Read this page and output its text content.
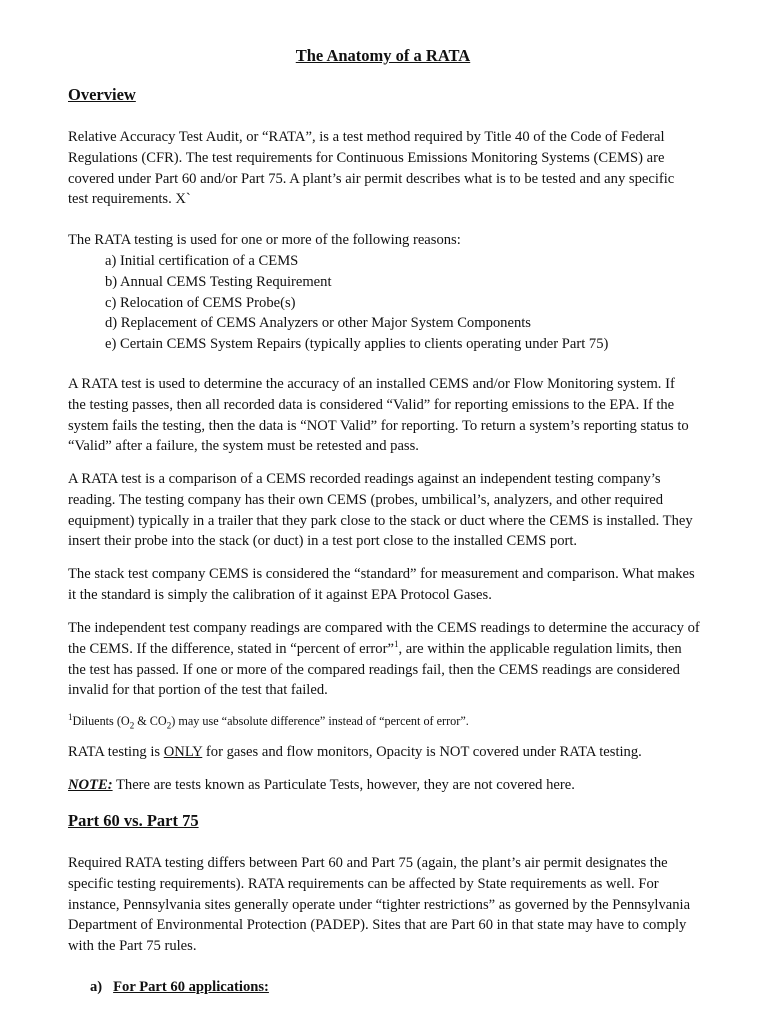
The Anatomy of a RATA
Overview
Relative Accuracy Test Audit, or “RATA”, is a test method required by Title 40 of the Code of Federal
Regulations (CFR). The test requirements for Continuous Emissions Monitoring Systems (CEMS) are
covered under Part 60 and/or Part 75. A plant’s air permit describes what is to be tested and any specific
test requirements. X`
The RATA testing is used for one or more of the following reasons:
a) Initial certification of a CEMS
b) Annual CEMS Testing Requirement
c) Relocation of CEMS Probe(s)
d) Replacement of CEMS Analyzers or other Major System Components
e) Certain CEMS System Repairs (typically applies to clients operating under Part 75)
A RATA test is used to determine the accuracy of an installed CEMS and/or Flow Monitoring system. If
the testing passes, then all recorded data is considered “Valid” for reporting emissions to the EPA. If the
system fails the testing, then the data is “NOT Valid” for reporting. To return a system’s reporting status to
“Valid” after a failure, the system must be retested and pass.
A RATA test is a comparison of a CEMS recorded readings against an independent testing company’s
reading. The testing company has their own CEMS (probes, umbilical’s, analyzers, and other required
equipment) typically in a trailer that they park close to the stack or duct where the CEMS is installed. They
insert their probe into the stack (or duct) in a test port close to the installed CEMS port.
The stack test company CEMS is considered the “standard” for measurement and comparison. What makes
it the standard is simply the calibration of it against EPA Protocol Gases.
The independent test company readings are compared with the CEMS readings to determine the accuracy of
the CEMS. If the difference, stated in “percent of error”$^1$, are within the applicable regulation limits, then
the test has passed. If one or more of the compared readings fail, then the CEMS readings are considered
invalid for that portion of the test that failed.
$^1$Diluents ($O_2$ & $CO_2$) may use “absolute difference” instead of “percent of error”.
RATA testing is ONLY for gases and flow monitors, Opacity is NOT covered under RATA testing.
NOTE: There are tests known as Particulate Tests, however, they are not covered here.
Part 60 vs. Part 75
Required RATA testing differs between Part 60 and Part 75 (again, the plant’s air permit designates the
specific testing requirements). RATA requirements can be affected by State requirements as well. For
instance, Pennsylvania sites generally operate under “tighter restrictions” as governed by the Pennsylvania
Department of Environmental Protection (PADEP). Sites that are Part 60 in that state may have to comply
with the Part 75 rules.
a) For Part 60 applications:
